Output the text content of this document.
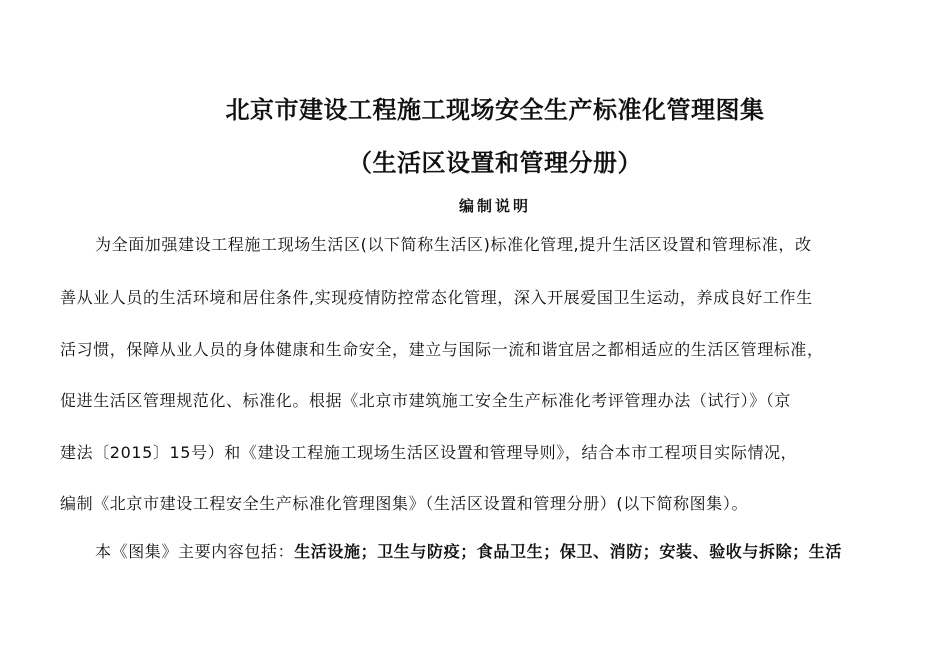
北京市建设工程施工现场安全生产标准化管理图集
（生活区设置和管理分册）
编制说明
为全面加强建设工程施工现场生活区(以下简称生活区)标准化管理,提升生活区设置和管理标准，改
善从业人员的生活环境和居住条件,实现疫情防控常态化管理，深入开展爱国卫生运动，养成良好工作生
活习惯，保障从业人员的身体健康和生命安全，建立与国际一流和谐宜居之都相适应的生活区管理标准，
促进生活区管理规范化、标准化。根据《北京市建筑施工安全生产标准化考评管理办法（试行）》（京
建法〔2015〕15号）和《建设工程施工现场生活区设置和管理导则》，结合本市工程项目实际情况，
编制《北京市建设工程安全生产标准化管理图集》（生活区设置和管理分册）(以下简称图集）。
本《图集》主要内容包括：生活设施；卫生与防疫；食品卫生；保卫、消防；安装、验收与拆除；生活
